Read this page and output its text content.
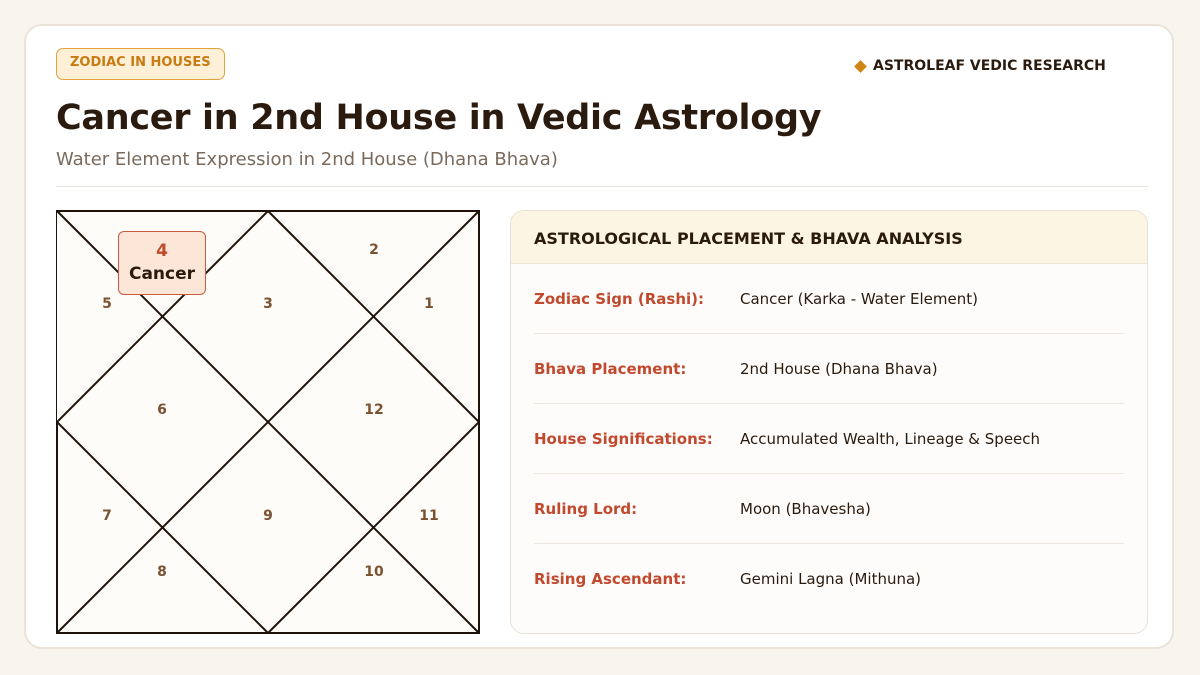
ZODIAC IN HOUSES	ASTROLEAF VEDIC RESEARCH
Cancer in 2nd House in Vedic Astrology
Water Element Expression in 2nd House (Dhana Bhava)
1
2
3
5
6
7
8
9
10
11
12
4
Cancer
ASTROLOGICAL PLACEMENT & BHAVA ANALYSIS
Zodiac Sign (Rashi):	Cancer (Karka - Water Element)
Bhava Placement:	2nd House (Dhana Bhava)
House Significations:	Accumulated Wealth, Lineage & Speech
Ruling Lord:	Moon (Bhavesha)
Rising Ascendant:	Gemini Lagna (Mithuna)
